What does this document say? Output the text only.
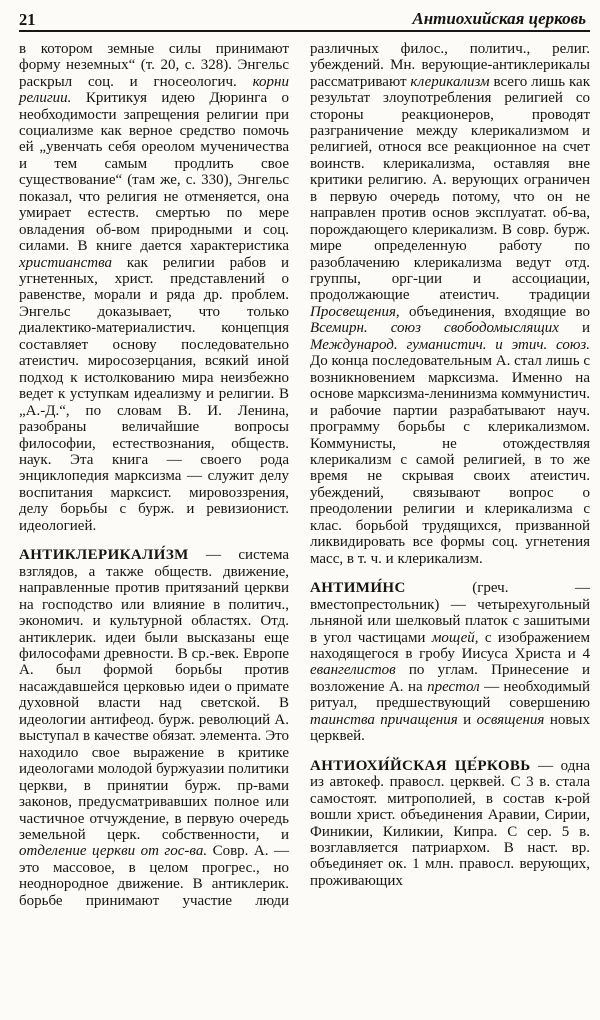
21	Антиохийская церковь

в котором земные силы принимают форму неземных“ (т. 20, с. 328). Энгельс раскрыл соц. и гносеологич. корни религии. Критикуя идею Дюринга о необходимости запрещения религии при социализме как верное средство помочь ей „увенчать себя ореолом мученичества и тем самым продлить свое существование“ (там же, с. 330), Энгельс показал, что религия не отменяется, она умирает естеств. смертью по мере овладения об-вом природными и соц. силами. В книге дается характеристика христианства как религии рабов и угнетенных, христ. представлений о равенстве, морали и ряда др. проблем. Энгельс доказывает, что только диалектико-материалистич. концепция составляет основу последовательно атеистич. миросозерцания, всякий иной подход к истолкованию мира неизбежно ведет к уступкам идеализму и религии. В „А.-Д.“, по словам В. И. Ленина, разобраны величайшие вопросы философии, естествознания, обществ. наук. Эта книга — своего рода энциклопедия марксизма — служит делу воспитания марксист. мировоззрения, делу борьбы с бурж. и ревизионист. идеологией.

АНТИКЛЕРИКАЛИ́ЗМ — система взглядов, а также обществ. движение, направленные против притязаний церкви на господство или влияние в политич., экономич. и культурной областях. Отд. антиклерик. идеи были высказаны еще философами древности. В ср.-век. Европе А. был формой борьбы против насаждавшейся церковью идеи о примате духовной власти над светской. В идеологии антифеод. бурж. революций А. выступал в качестве обязат. элемента. Это находило свое выражение в критике идеологами молодой буржуазии политики церкви, в принятии бурж. пр-вами законов, предусматривавших полное или частичное отчуждение, в первую очередь земельной церк. собственности, и отделение церкви от гос-ва. Совр. А. — это массовое, в целом прогрес., но неоднородное движение. В антиклерик. борьбе принимают участие люди

различных филос., политич., религ. убеждений. Мн. верующие-антиклерикалы рассматривают клерикализм всего лишь как результат злоупотребления религией со стороны реакционеров, проводят разграничение между клерикализмом и религией, относя все реакционное на счет воинств. клерикализма, оставляя вне критики религию. А. верующих ограничен в первую очередь потому, что он не направлен против основ эксплуатат. об-ва, порождающего клерикализм. В совр. бурж. мире определенную работу по разоблачению клерикализма ведут отд. группы, орг-ции и ассоциации, продолжающие атеистич. традиции Просвещения, объединения, входящие во Всемирн. союз свободомыслящих и Международ. гуманистич. и этич. союз. До конца последовательным А. стал лишь с возникновением марксизма. Именно на основе марксизма-ленинизма коммунистич. и рабочие партии разрабатывают науч. программу борьбы с клерикализмом. Коммунисты, не отождествляя клерикализм с самой религией, в то же время не скрывая своих атеистич. убеждений, связывают вопрос о преодолении религии и клерикализма с клас. борьбой трудящихся, призванной ликвидировать все формы соц. угнетения масс, в т. ч. и клерикализм.

АНТИМИ́НС (греч. — вместопрестольник) — четырехугольный льняной или шелковый платок с зашитыми в угол частицами мощей, с изображением находящегося в гробу Иисуса Христа и 4 евангелистов по углам. Принесение и возложение А. на престол — необходимый ритуал, предшествующий совершению таинства причащения и освящения новых церквей.

АНТИОХИ́ЙСКАЯ ЦЕ́РКОВЬ — одна из автокеф. правосл. церквей. С 3 в. стала самостоят. митрополией, в состав к-рой вошли христ. объединения Аравии, Сирии, Финикии, Киликии, Кипра. С сер. 5 в. возглавляется патриархом. В наст. вр. объединяет ок. 1 млн. правосл. верующих, проживающих
